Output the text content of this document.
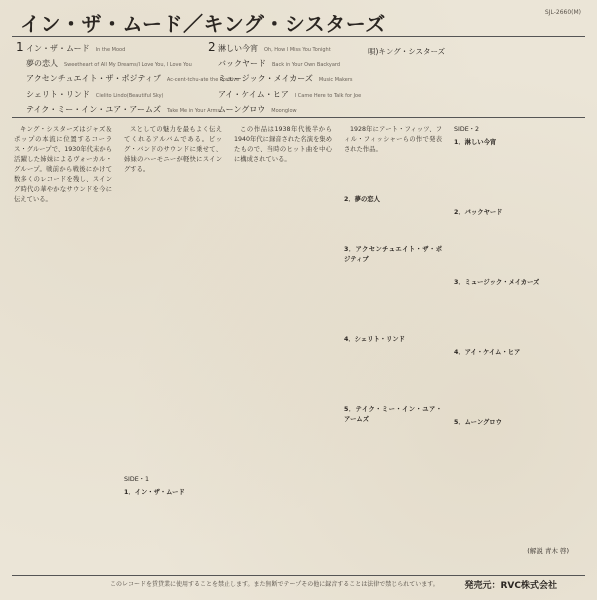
イン・ザ・ムード／キング・シスターズ	SJL-2660(M)
1 イン・ザ・ムード In the Mood
夢の恋人 Sweetheart of All My Dreams/I Love You, I Love You
アクセンチュエイト・ザ・ポジティブ Ac-cent-tchu-ate the Positive
シェリト・リンド Cielito Lindo(Beautiful Sky)
テイク・ミー・イン・ユア・アームズ Take Me in Your Arms
2 淋しい今宵 Oh, How I Miss You Tonight
バックヤード Back in Your Own Backyard
ミュージック・メイカーズ Music Makers
アイ・ケイム・ヒア I Came Here to Talk for Joe
ムーングロウ Moonglow
唄)キング・シスターズ

キング・シスターズはジャズ＆ポップの本流に位置するコーラス・グループで、1930年代末から活躍した姉妹によるヴォーカル・グループ。戦前から戦後にかけて数多くのレコードを残し、スイング時代の華やかなサウンドを今に伝えている。

スとしての魅力を最もよく伝えてくれるアルバムである。ビッグ・バンドのサウンドに乗せて、姉妹のハーモニーが軽快にスイングする。

SIDE・1
1．イン・ザ・ムード

この作品は1938年代後半から1940年代に録音された名演を集めたもので、当時のヒット曲を中心に構成されている。

1928年にアート・フィッツ、フィル・フィッシャーらの作で発表された作品。

2．夢の恋人
3．アクセンチュエイト・ザ・ポジティブ
4．シェリト・リンド
5．テイク・ミー・イン・ユア・アームズ
SIDE・2
1．淋しい今宵
2．バックヤード
3．ミュージック・メイカーズ
4．アイ・ケイム・ヒア
5．ムーングロウ
(解説 青木 啓)
このレコードを賃貸業に使用することを禁止します。また無断でテープその他に録音することは法律で禁じられています。	発売元：RVC株式会社
